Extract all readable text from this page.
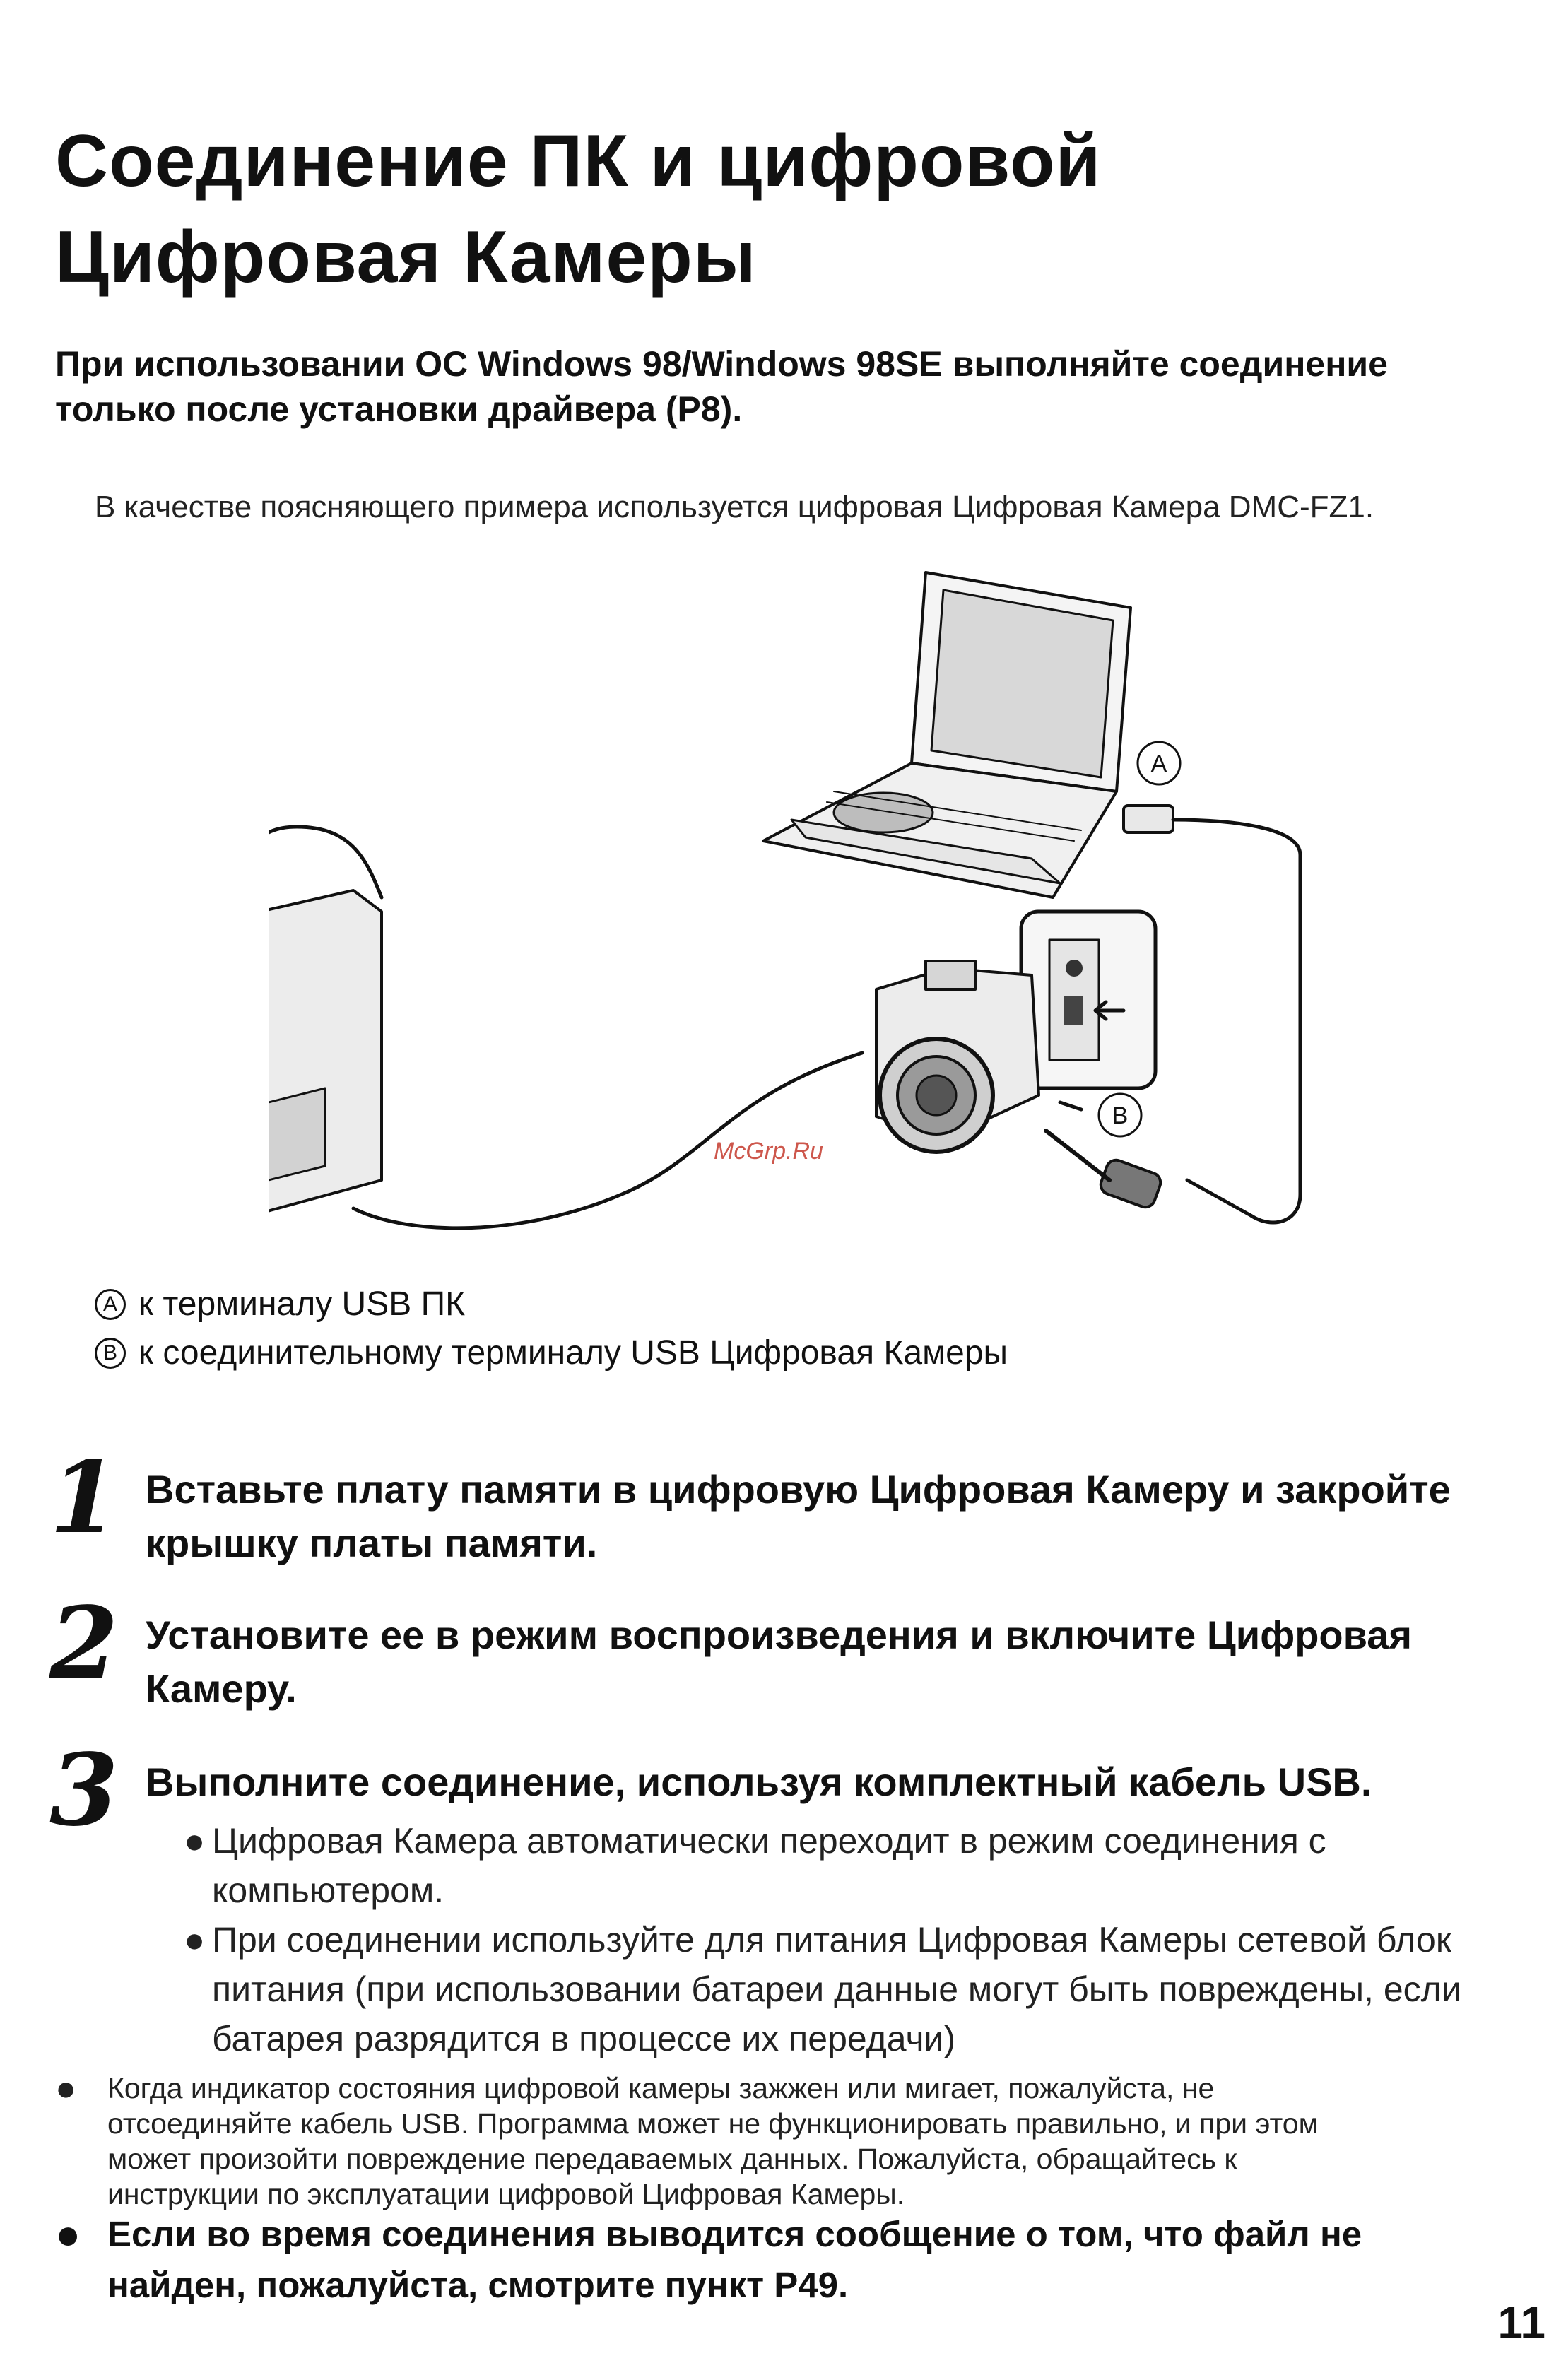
Соединение ПК и цифровой
Цифровая Камеры
При использовании ОС Windows 98/Windows 98SE выполняйте соединение
только после установки драйвера (P8).
В качестве поясняющего примера используется цифровая Цифровая Камера DMC-FZ1.
A
B
McGrp.Ru
A к терминалу USB ПК
B к соединительному терминалу USB Цифровая Камеры
1 Вставьте плату памяти в цифровую Цифровая Камеру и закройте
крышку платы памяти.
2 Установите ее в режим воспроизведения и включите Цифровая
Камеру.
3 Выполните соединение, используя комплектный кабель USB.
● Цифровая Камера автоматически переходит в режим соединения с
компьютером.
● При соединении используйте для питания Цифровая Камеры сетевой блок
питания (при использовании батареи данные могут быть повреждены, если
батарея разрядится в процессе их передачи)
● Когда индикатор состояния цифровой камеры зажжен или мигает, пожалуйста, не
отсоединяйте кабель USB. Программа может не функционировать правильно, и при этом
может произойти повреждение передаваемых данных. Пожалуйста, обращайтесь к
инструкции по эксплуатации цифровой Цифровая Камеры.
● Если во время соединения выводится сообщение о том, что файл не
найден, пожалуйста, смотрите пункт P49.
11
